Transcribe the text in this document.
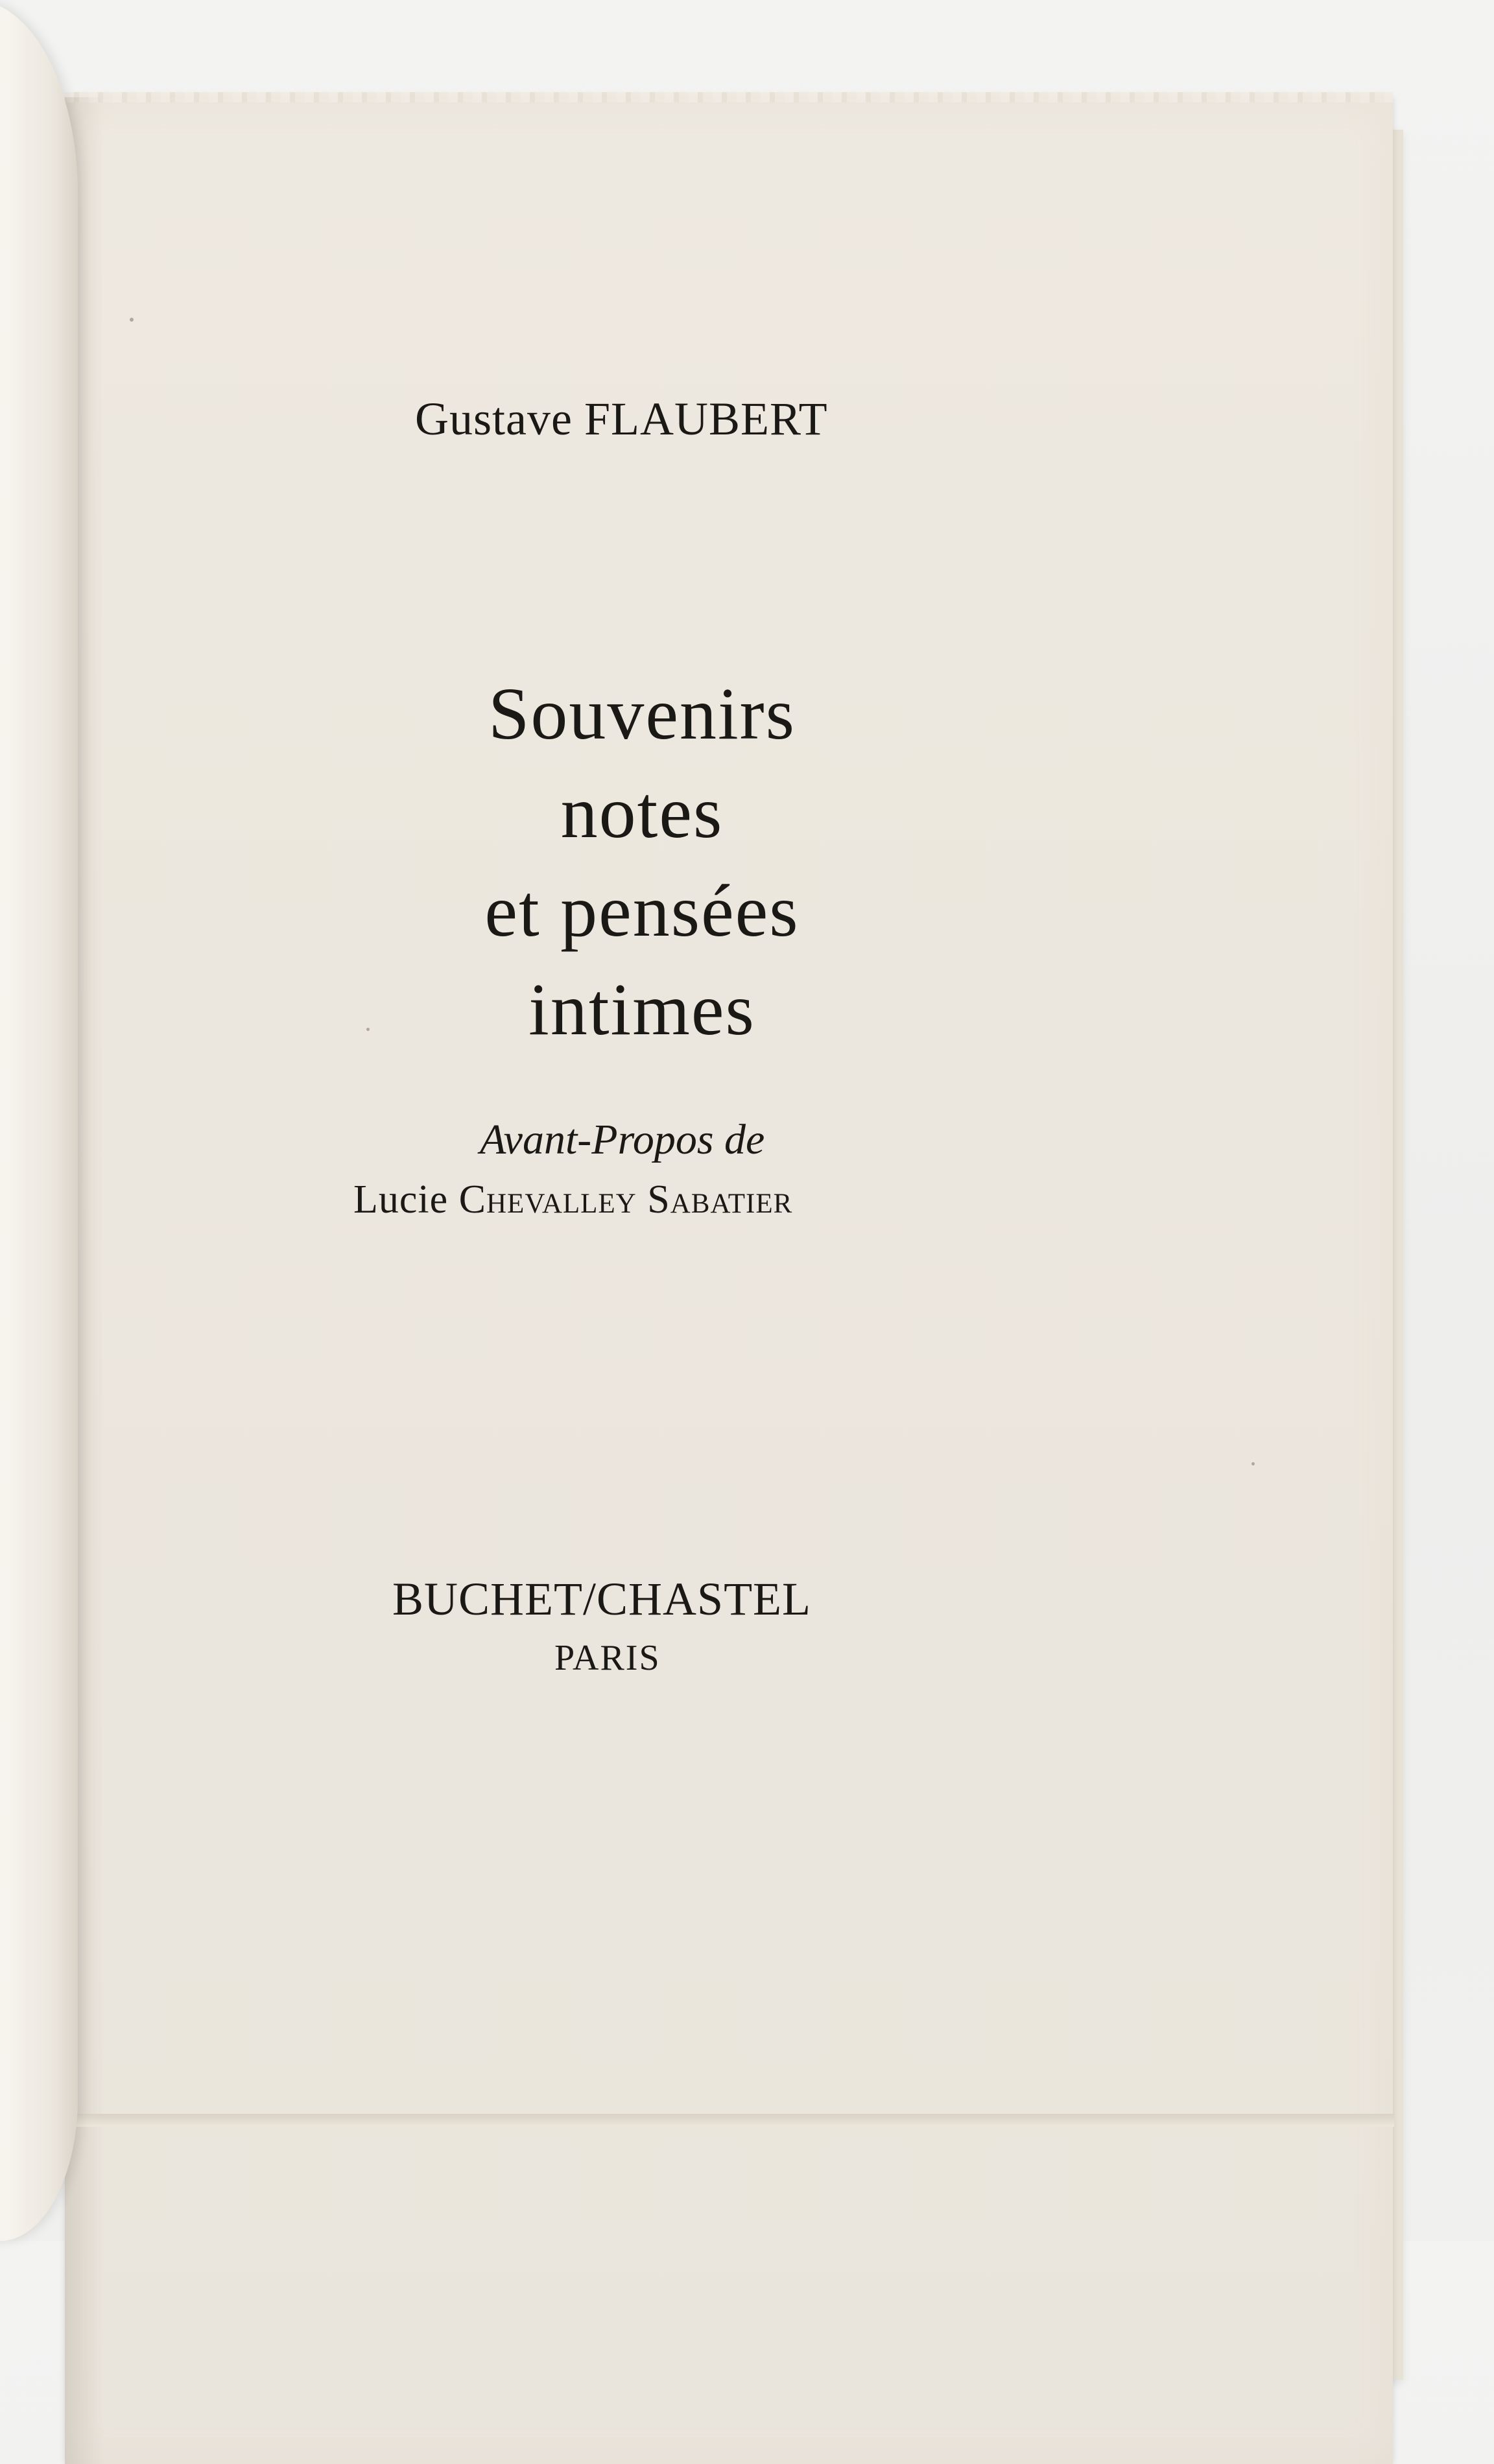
Gustave FLAUBERT
Souvenirs
notes
et pensées
intimes
Avant-Propos de
Lucie Chevalley Sabatier
BUCHET/CHASTEL
PARIS
